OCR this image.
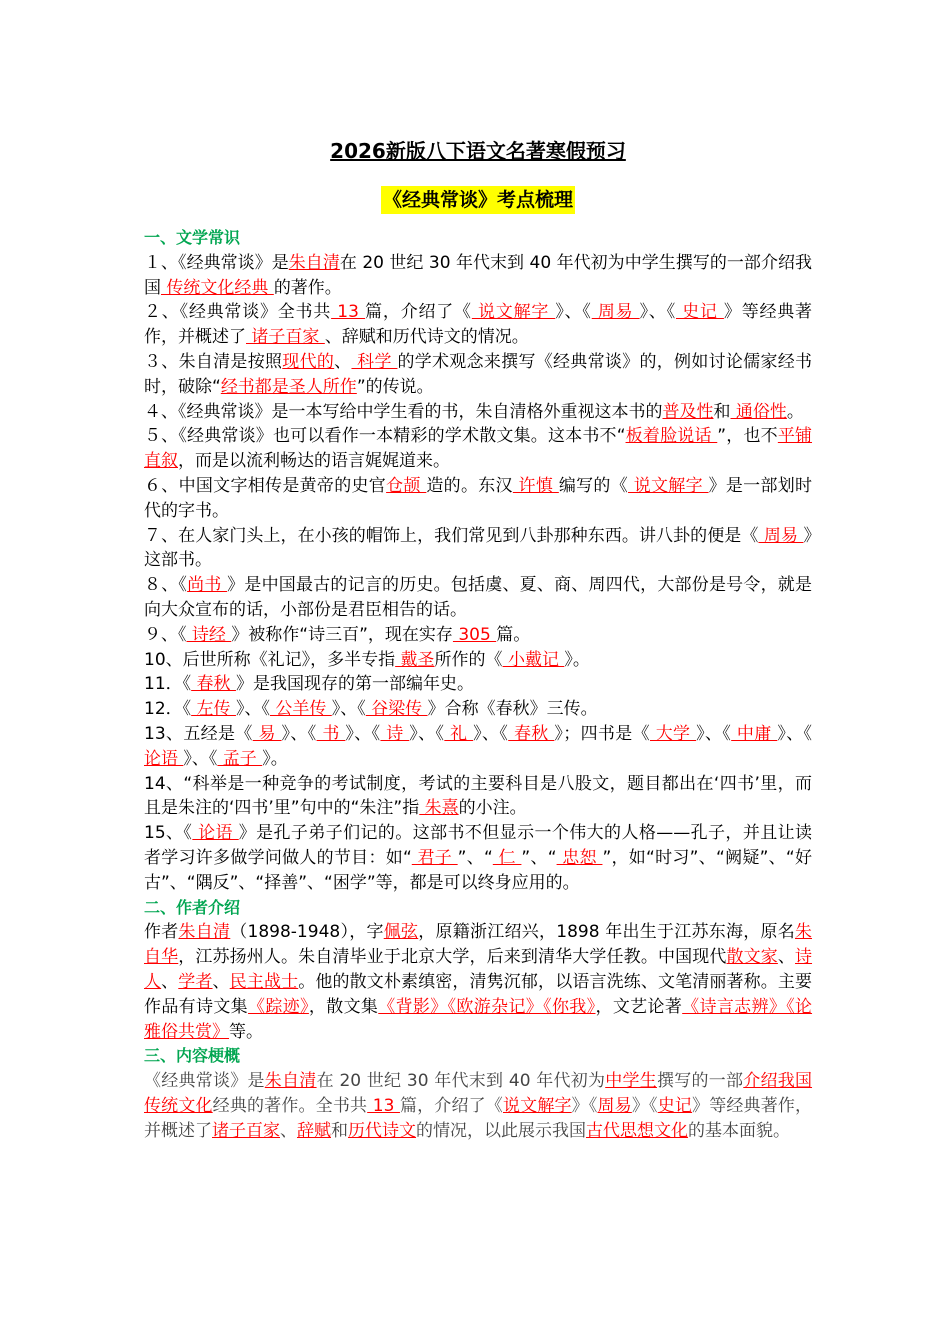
2026新版八下语文名著寒假预习
《经典常谈》考点梳理

一、文学常识

１、《经典常谈》是朱自清在 20 世纪 30 年代末到 40 年代初为中学生撰写的一部介绍我国 传统文化经典 的著作。

２、《经典常谈》全书共 13 篇，介绍了《 说文解字 》、《 周易 》、《 史记 》等经典著作，并概述了 诸子百家 、辞赋和历代诗文的情况。

３、朱自清是按照现代的、 科学 的学术观念来撰写《经典常谈》的，例如讨论儒家经书时，破除“经书都是圣人所作”的传说。

４、《经典常谈》是一本写给中学生看的书，朱自清格外重视这本书的普及性和 通俗性。

５、《经典常谈》也可以看作一本精彩的学术散文集。这本书不“板着脸说话 ”，也不平铺直叙，而是以流利畅达的语言娓娓道来。

６、中国文字相传是黄帝的史官仓颉 造的。东汉 许慎 编写的《 说文解字 》是一部划时代的字书。

７、在人家门头上，在小孩的帽饰上，我们常见到八卦那种东西。讲八卦的便是《 周易 》这部书。

８、《尚书 》是中国最古的记言的历史。包括虞、夏、商、周四代，大部份是号令，就是向大众宣布的话，小部份是君臣相告的话。

９、《 诗经 》被称作“诗三百”，现在实存 305 篇。

10、后世所称《礼记》，多半专指 戴圣所作的《 小戴记 》。

11．《 春秋 》是我国现存的第一部编年史。

12．《 左传 》、《 公羊传 》、《 谷梁传 》合称《春秋》三传。

13、五经是《 易 》、《 书 》、《 诗 》、《 礼 》、《 春秋 》；四书是《 大学 》、《 中庸 》、《 论语 》、《 孟子 》。

14、“科举是一种竞争的考试制度，考试的主要科目是八股文，题目都出在‘四书’里，而且是朱注的‘四书’里”句中的“朱注”指 朱熹的小注。

15、《 论语 》是孔子弟子们记的。这部书不但显示一个伟大的人格——孔子，并且让读者学习许多做学问做人的节目：如“ 君子 ”、“ 仁 ”、“ 忠恕 ”，如“时习”、“阙疑”、“好古”、“隅反”、“择善”、“困学”等，都是可以终身应用的。

二、作者介绍

作者朱自清（1898-1948），字佩弦，原籍浙江绍兴，1898 年出生于江苏东海，原名朱自华，江苏扬州人。朱自清毕业于北京大学，后来到清华大学任教。中国现代散文家、诗人、学者、民主战士。他的散文朴素缜密，清隽沉郁，以语言洗练、文笔清丽著称。主要作品有诗文集《踪迹》，散文集《背影》《欧游杂记》《你我》，文艺论著《诗言志辨》《论雅俗共赏》等。

三、内容梗概

《经典常谈》是朱自清在 20 世纪 30 年代末到 40 年代初为中学生撰写的一部介绍我国传统文化经典的著作。全书共 13 篇，介绍了《说文解字》《周易》《史记》等经典著作，并概述了诸子百家、辞赋和历代诗文的情况，以此展示我国古代思想文化的基本面貌。
